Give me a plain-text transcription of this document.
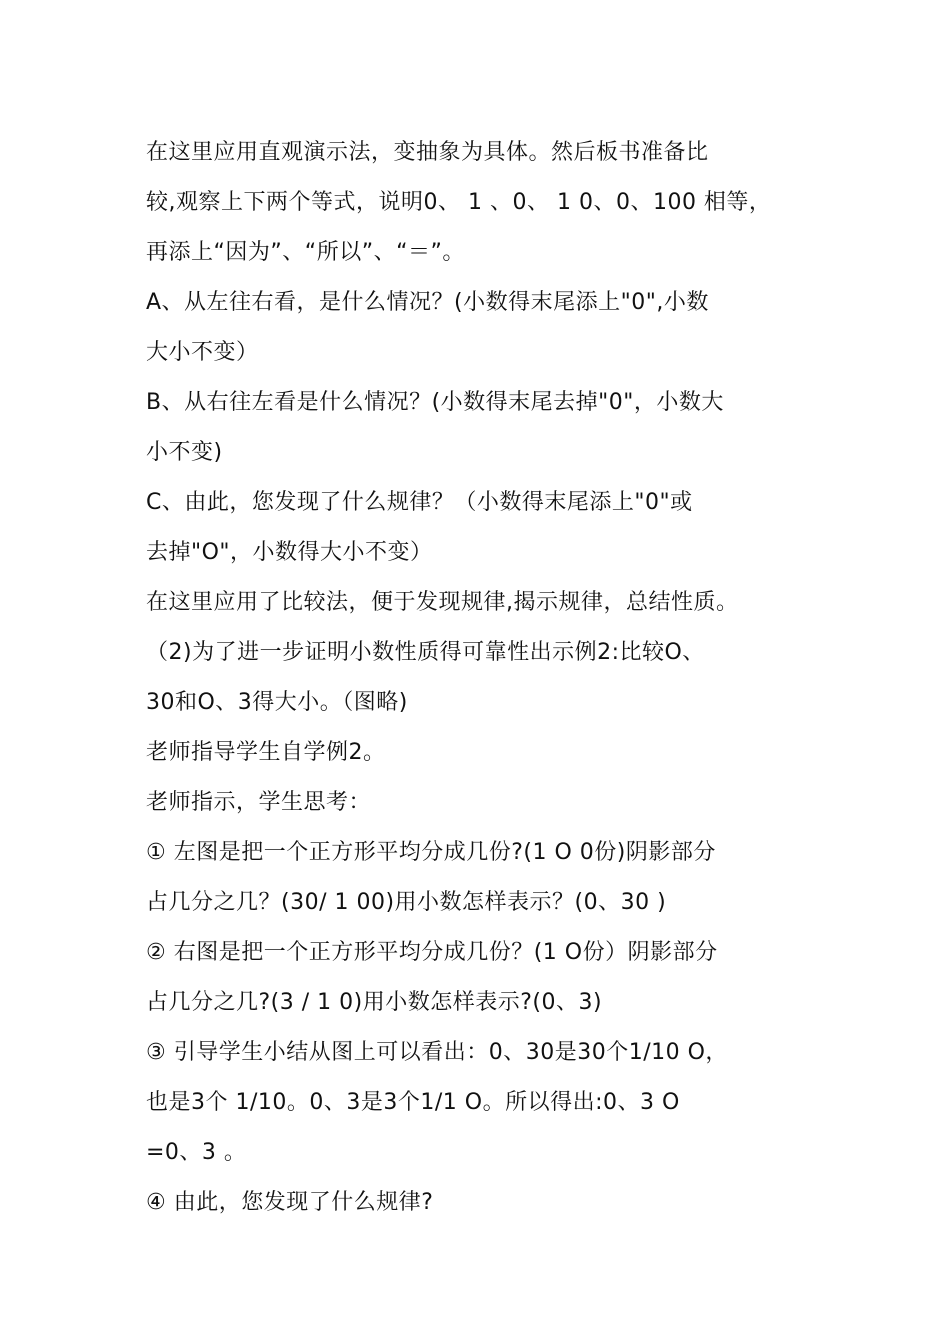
在这里应用直观演示法，变抽象为具体。然后板书准备比
较,观察上下两个等式，说明0、 1 、0、 1 0、0、100 相等，
再添上“因为”、“所以”、“＝”。
A、从左往右看，是什么情况？(小数得末尾添上"0",小数
大小不变）
B、从右往左看是什么情况？(小数得末尾去掉"0"，小数大
小不变)
C、由此，您发现了什么规律？（小数得末尾添上"0"或
去掉"O"，小数得大小不变）
在这里应用了比较法，便于发现规律,揭示规律，总结性质。
（2)为了进一步证明小数性质得可靠性出示例2:比较O、
30和O、3得大小。（图略)
老师指导学生自学例2。
老师指示，学生思考：
① 左图是把一个正方形平均分成几份?(1 O 0份)阴影部分
占几分之几？(30/ 1 00)用小数怎样表示？(0、30 )
② 右图是把一个正方形平均分成几份？(1 O份）阴影部分
占几分之几?(3 / 1 0)用小数怎样表示?(0、3)
③ 引导学生小结从图上可以看出：0、30是30个1/10 O，
也是3个 1/10。0、3是3个1/1 O。所以得出:0、3 O
=0、3 。
④ 由此，您发现了什么规律?
